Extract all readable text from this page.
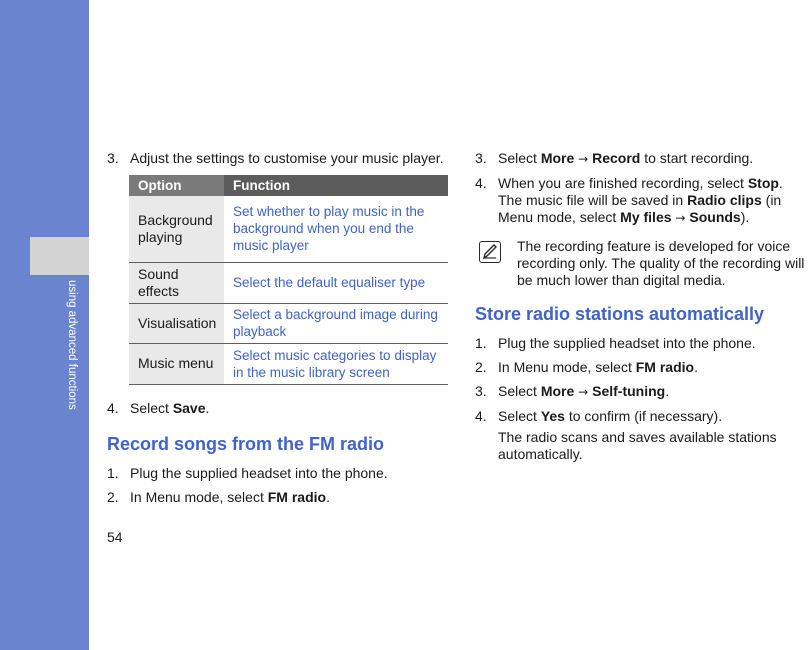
using advanced functions
54
3. Adjust the settings to customise your music player.
Option	Function
Background playing	Set whether to play music in the background when you end the music player
Sound effects	Select the default equaliser type
Visualisation	Select a background image during playback
Music menu	Select music categories to display in the music library screen
4. Select Save.
Record songs from the FM radio
1. Plug the supplied headset into the phone.
2. In Menu mode, select FM radio.
3. Select More → Record to start recording.
4. When you are finished recording, select Stop. The music file will be saved in Radio clips (in Menu mode, select My files → Sounds).
The recording feature is developed for voice recording only. The quality of the recording will be much lower than digital media.
Store radio stations automatically
1. Plug the supplied headset into the phone.
2. In Menu mode, select FM radio.
3. Select More → Self-tuning.
4. Select Yes to confirm (if necessary).
The radio scans and saves available stations automatically.
